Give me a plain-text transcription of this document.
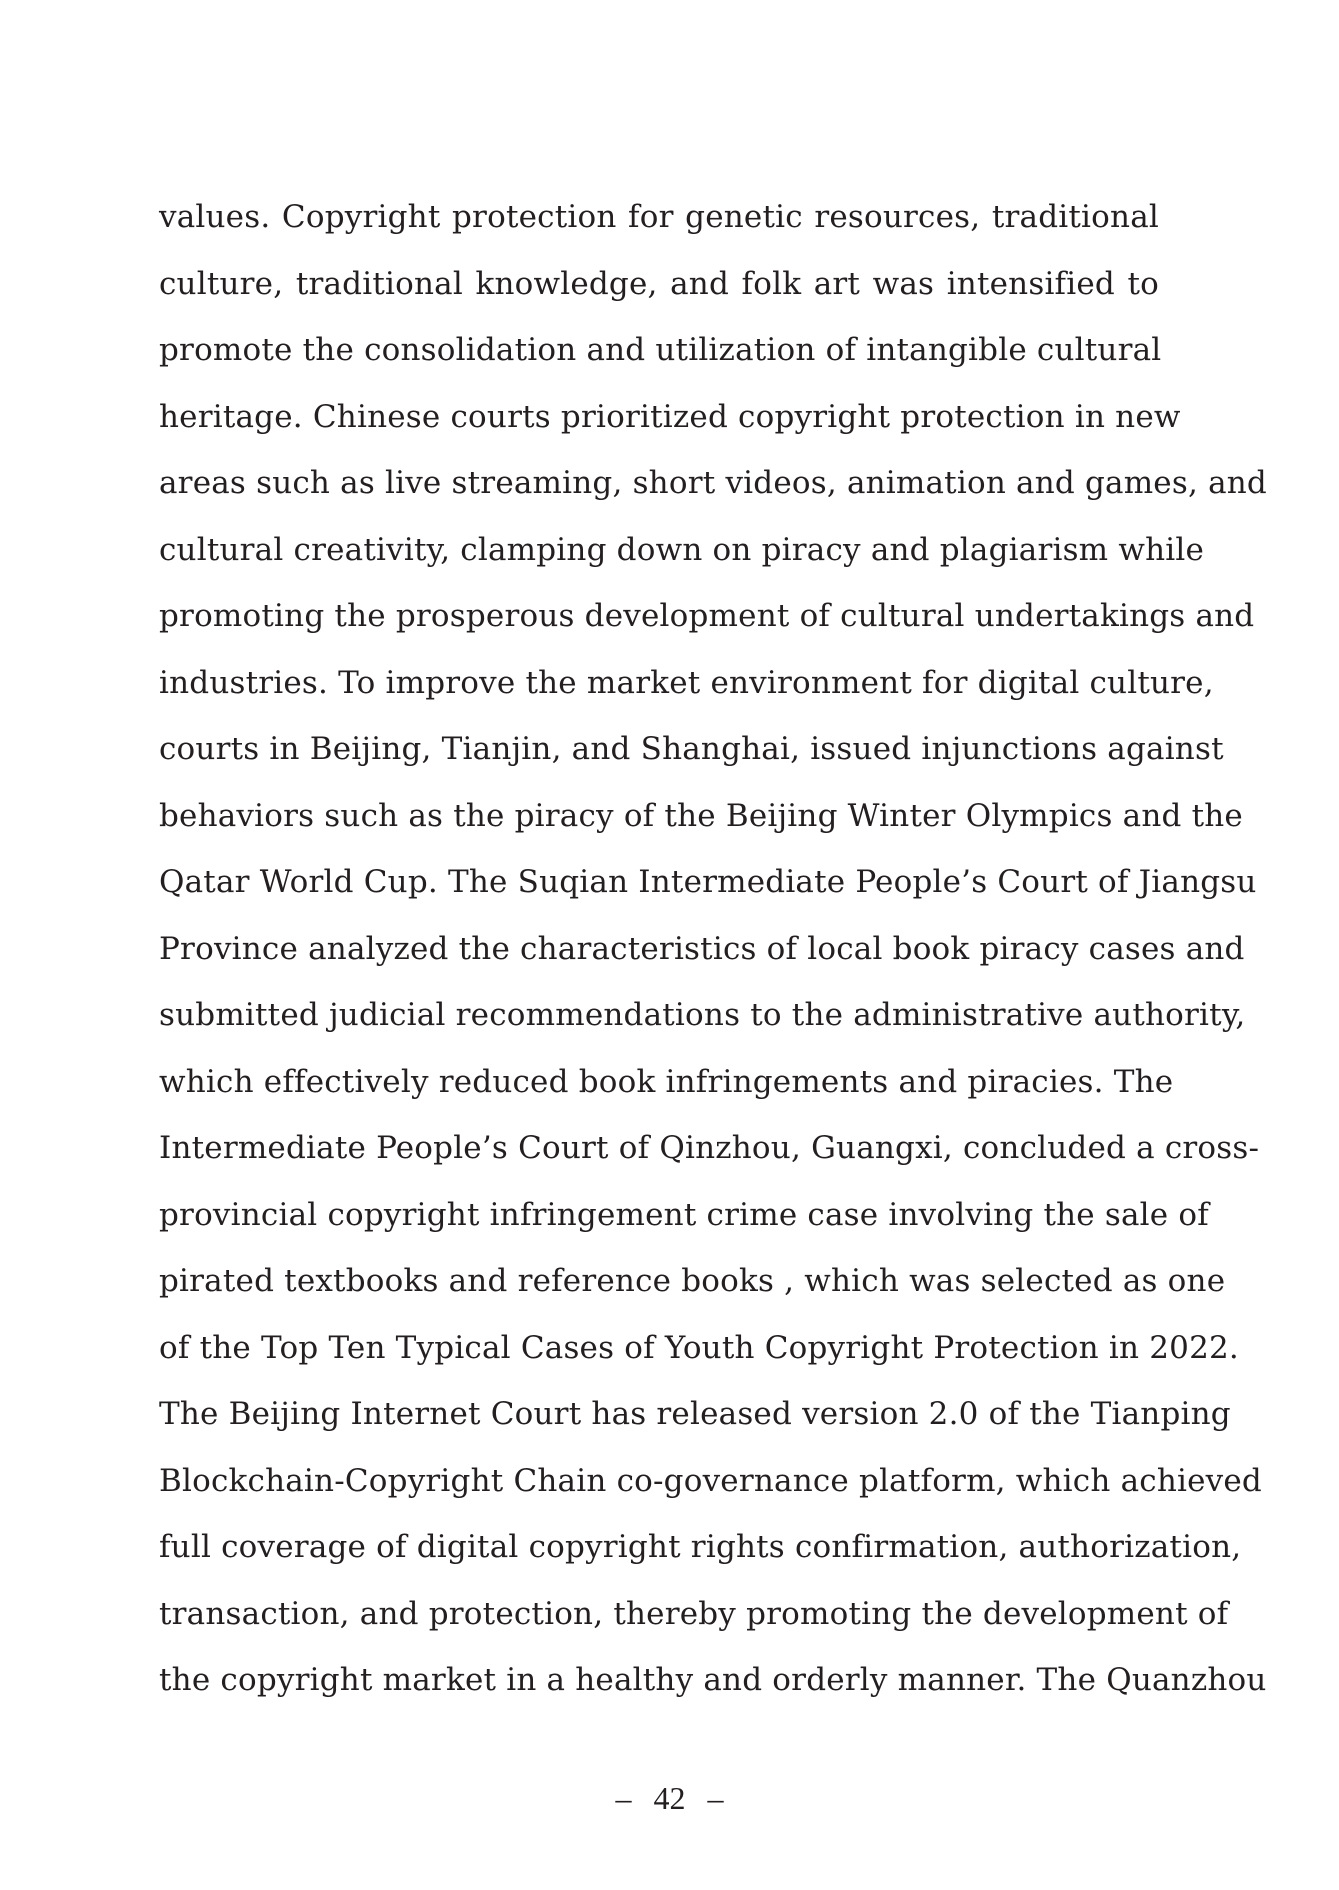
values. Copyright protection for genetic resources, traditional
culture, traditional knowledge, and folk art was intensified to
promote the consolidation and utilization of intangible cultural
heritage. Chinese courts prioritized copyright protection in new
areas such as live streaming, short videos, animation and games, and
cultural creativity, clamping down on piracy and plagiarism while
promoting the prosperous development of cultural undertakings and
industries. To improve the market environment for digital culture,
courts in Beijing, Tianjin, and Shanghai, issued injunctions against
behaviors such as the piracy of the Beijing Winter Olympics and the
Qatar World Cup. The Suqian Intermediate People’s Court of Jiangsu
Province analyzed the characteristics of local book piracy cases and
submitted judicial recommendations to the administrative authority,
which effectively reduced book infringements and piracies. The
Intermediate People’s Court of Qinzhou, Guangxi, concluded a cross-
provincial copyright infringement crime case involving the sale of
pirated textbooks and reference books , which was selected as one
of the Top Ten Typical Cases of Youth Copyright Protection in 2022.
The Beijing Internet Court has released version 2.0 of the Tianping
Blockchain-Copyright Chain co-governance platform, which achieved
full coverage of digital copyright rights confirmation, authorization,
transaction, and protection, thereby promoting the development of
the copyright market in a healthy and orderly manner. The Quanzhou
– 42 –
